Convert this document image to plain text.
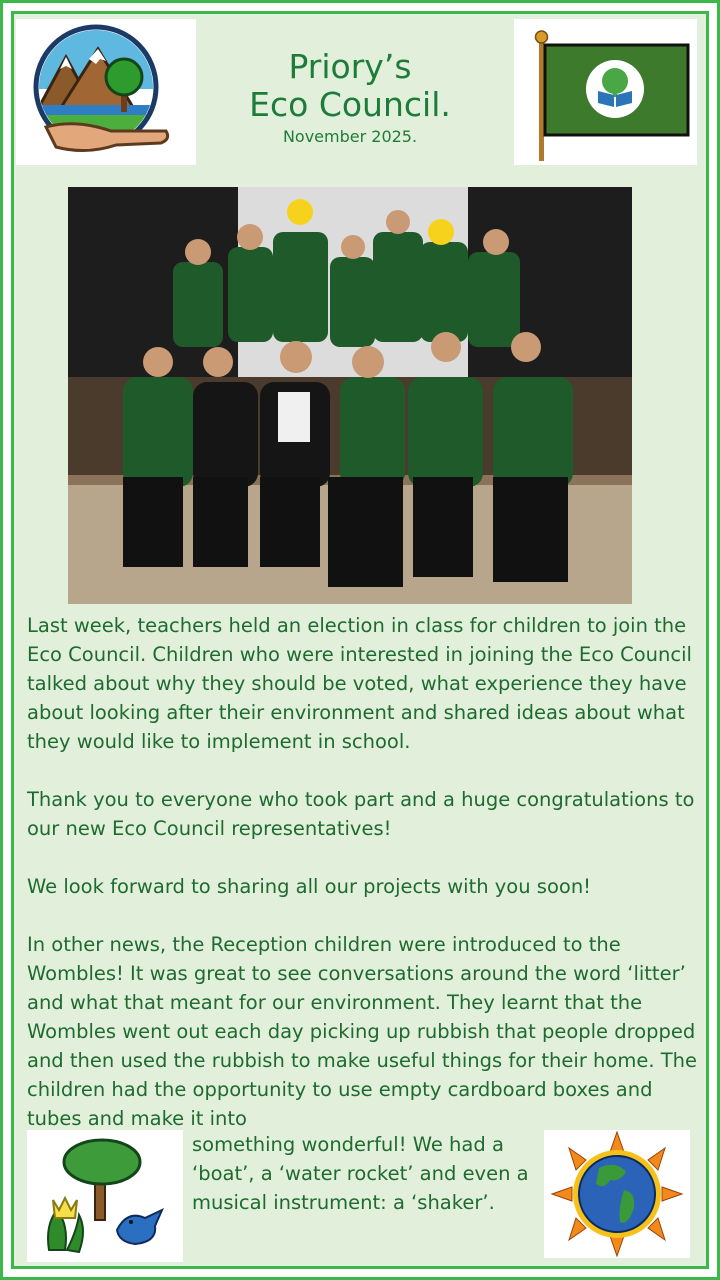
Priory’s
Eco Council.
November 2025.

Last week, teachers held an election in class for children to join the Eco Council. Children who were interested in joining the Eco Council talked about why they should be voted, what experience they have about looking after their environment and shared ideas about what they would like to implement in school.

Thank you to everyone who took part and a huge congratulations to our new Eco Council representatives!

We look forward to sharing all our projects with you soon!

In other news, the Reception children were introduced to the Wombles! It was great to see conversations around the word ‘litter’ and what that meant for our environment. They learnt that the Wombles went out each day picking up rubbish that people dropped and then used the rubbish to make useful things for their home. The children had the opportunity to use empty cardboard boxes and tubes and make it into

something wonderful! We had a ‘boat’, a ‘water rocket’ and even a musical instrument: a ‘shaker’.
